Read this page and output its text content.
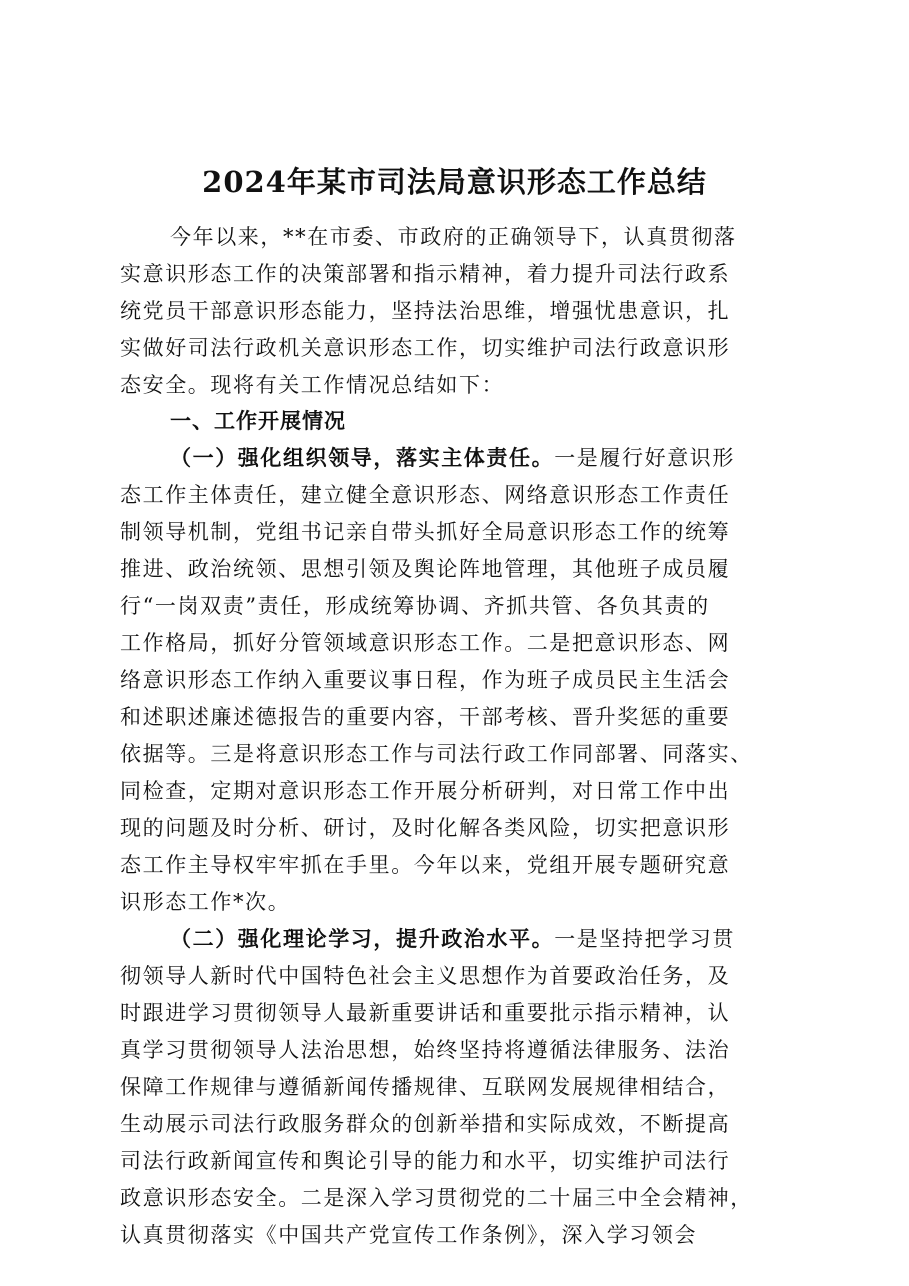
2024年某市司法局意识形态工作总结
今年以来，**在市委、市政府的正确领导下，认真贯彻落
实意识形态工作的决策部署和指示精神，着力提升司法行政系
统党员干部意识形态能力，坚持法治思维，增强忧患意识，扎
实做好司法行政机关意识形态工作，切实维护司法行政意识形
态安全。现将有关工作情况总结如下：
一、工作开展情况
（一）强化组织领导，落实主体责任。一是履行好意识形
态工作主体责任，建立健全意识形态、网络意识形态工作责任
制领导机制，党组书记亲自带头抓好全局意识形态工作的统筹
推进、政治统领、思想引领及舆论阵地管理，其他班子成员履
行“一岗双责”责任，形成统筹协调、齐抓共管、各负其责的
工作格局，抓好分管领域意识形态工作。二是把意识形态、网
络意识形态工作纳入重要议事日程，作为班子成员民主生活会
和述职述廉述德报告的重要内容，干部考核、晋升奖惩的重要
依据等。三是将意识形态工作与司法行政工作同部署、同落实、
同检查，定期对意识形态工作开展分析研判，对日常工作中出
现的问题及时分析、研讨，及时化解各类风险，切实把意识形
态工作主导权牢牢抓在手里。今年以来，党组开展专题研究意
识形态工作*次。
（二）强化理论学习，提升政治水平。一是坚持把学习贯
彻领导人新时代中国特色社会主义思想作为首要政治任务，及
时跟进学习贯彻领导人最新重要讲话和重要批示指示精神，认
真学习贯彻领导人法治思想，始终坚持将遵循法律服务、法治
保障工作规律与遵循新闻传播规律、互联网发展规律相结合，
生动展示司法行政服务群众的创新举措和实际成效，不断提高
司法行政新闻宣传和舆论引导的能力和水平，切实维护司法行
政意识形态安全。二是深入学习贯彻党的二十届三中全会精神，
认真贯彻落实《中国共产党宣传工作条例》，深入学习领会
